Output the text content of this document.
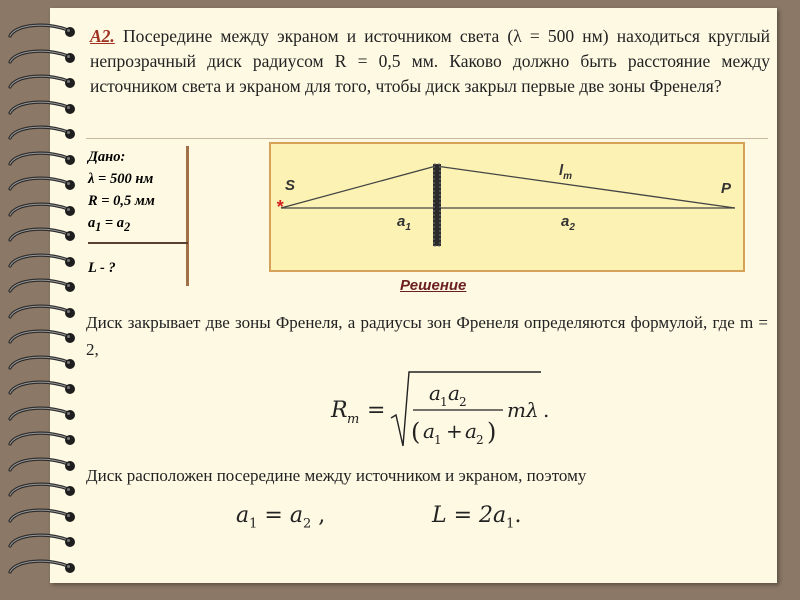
A2. Посередине между экраном и источником света (λ = 500 нм) находиться круглый непрозрачный диск радиусом R = 0,5 мм. Каково должно быть расстояние между источником света и экраном для того, чтобы диск закрыл первые две зоны Френеля?
Дано:
λ = 500 нм
R = 0,5 мм
$a_1 = a_2$
L - ?
S
*
P
$l_m$
$a_1$	$a_2$
Решение
Диск закрывает две зоны Френеля, а радиусы зон Френеля определяются формулой, где m = 2,
R m =
a 1 a 2
( a 1 + a 2 )
mλ .
Диск расположен посередине между источником и экраном, поэтому
$a_1 = a_2$ ,	$L = 2a_1$.
